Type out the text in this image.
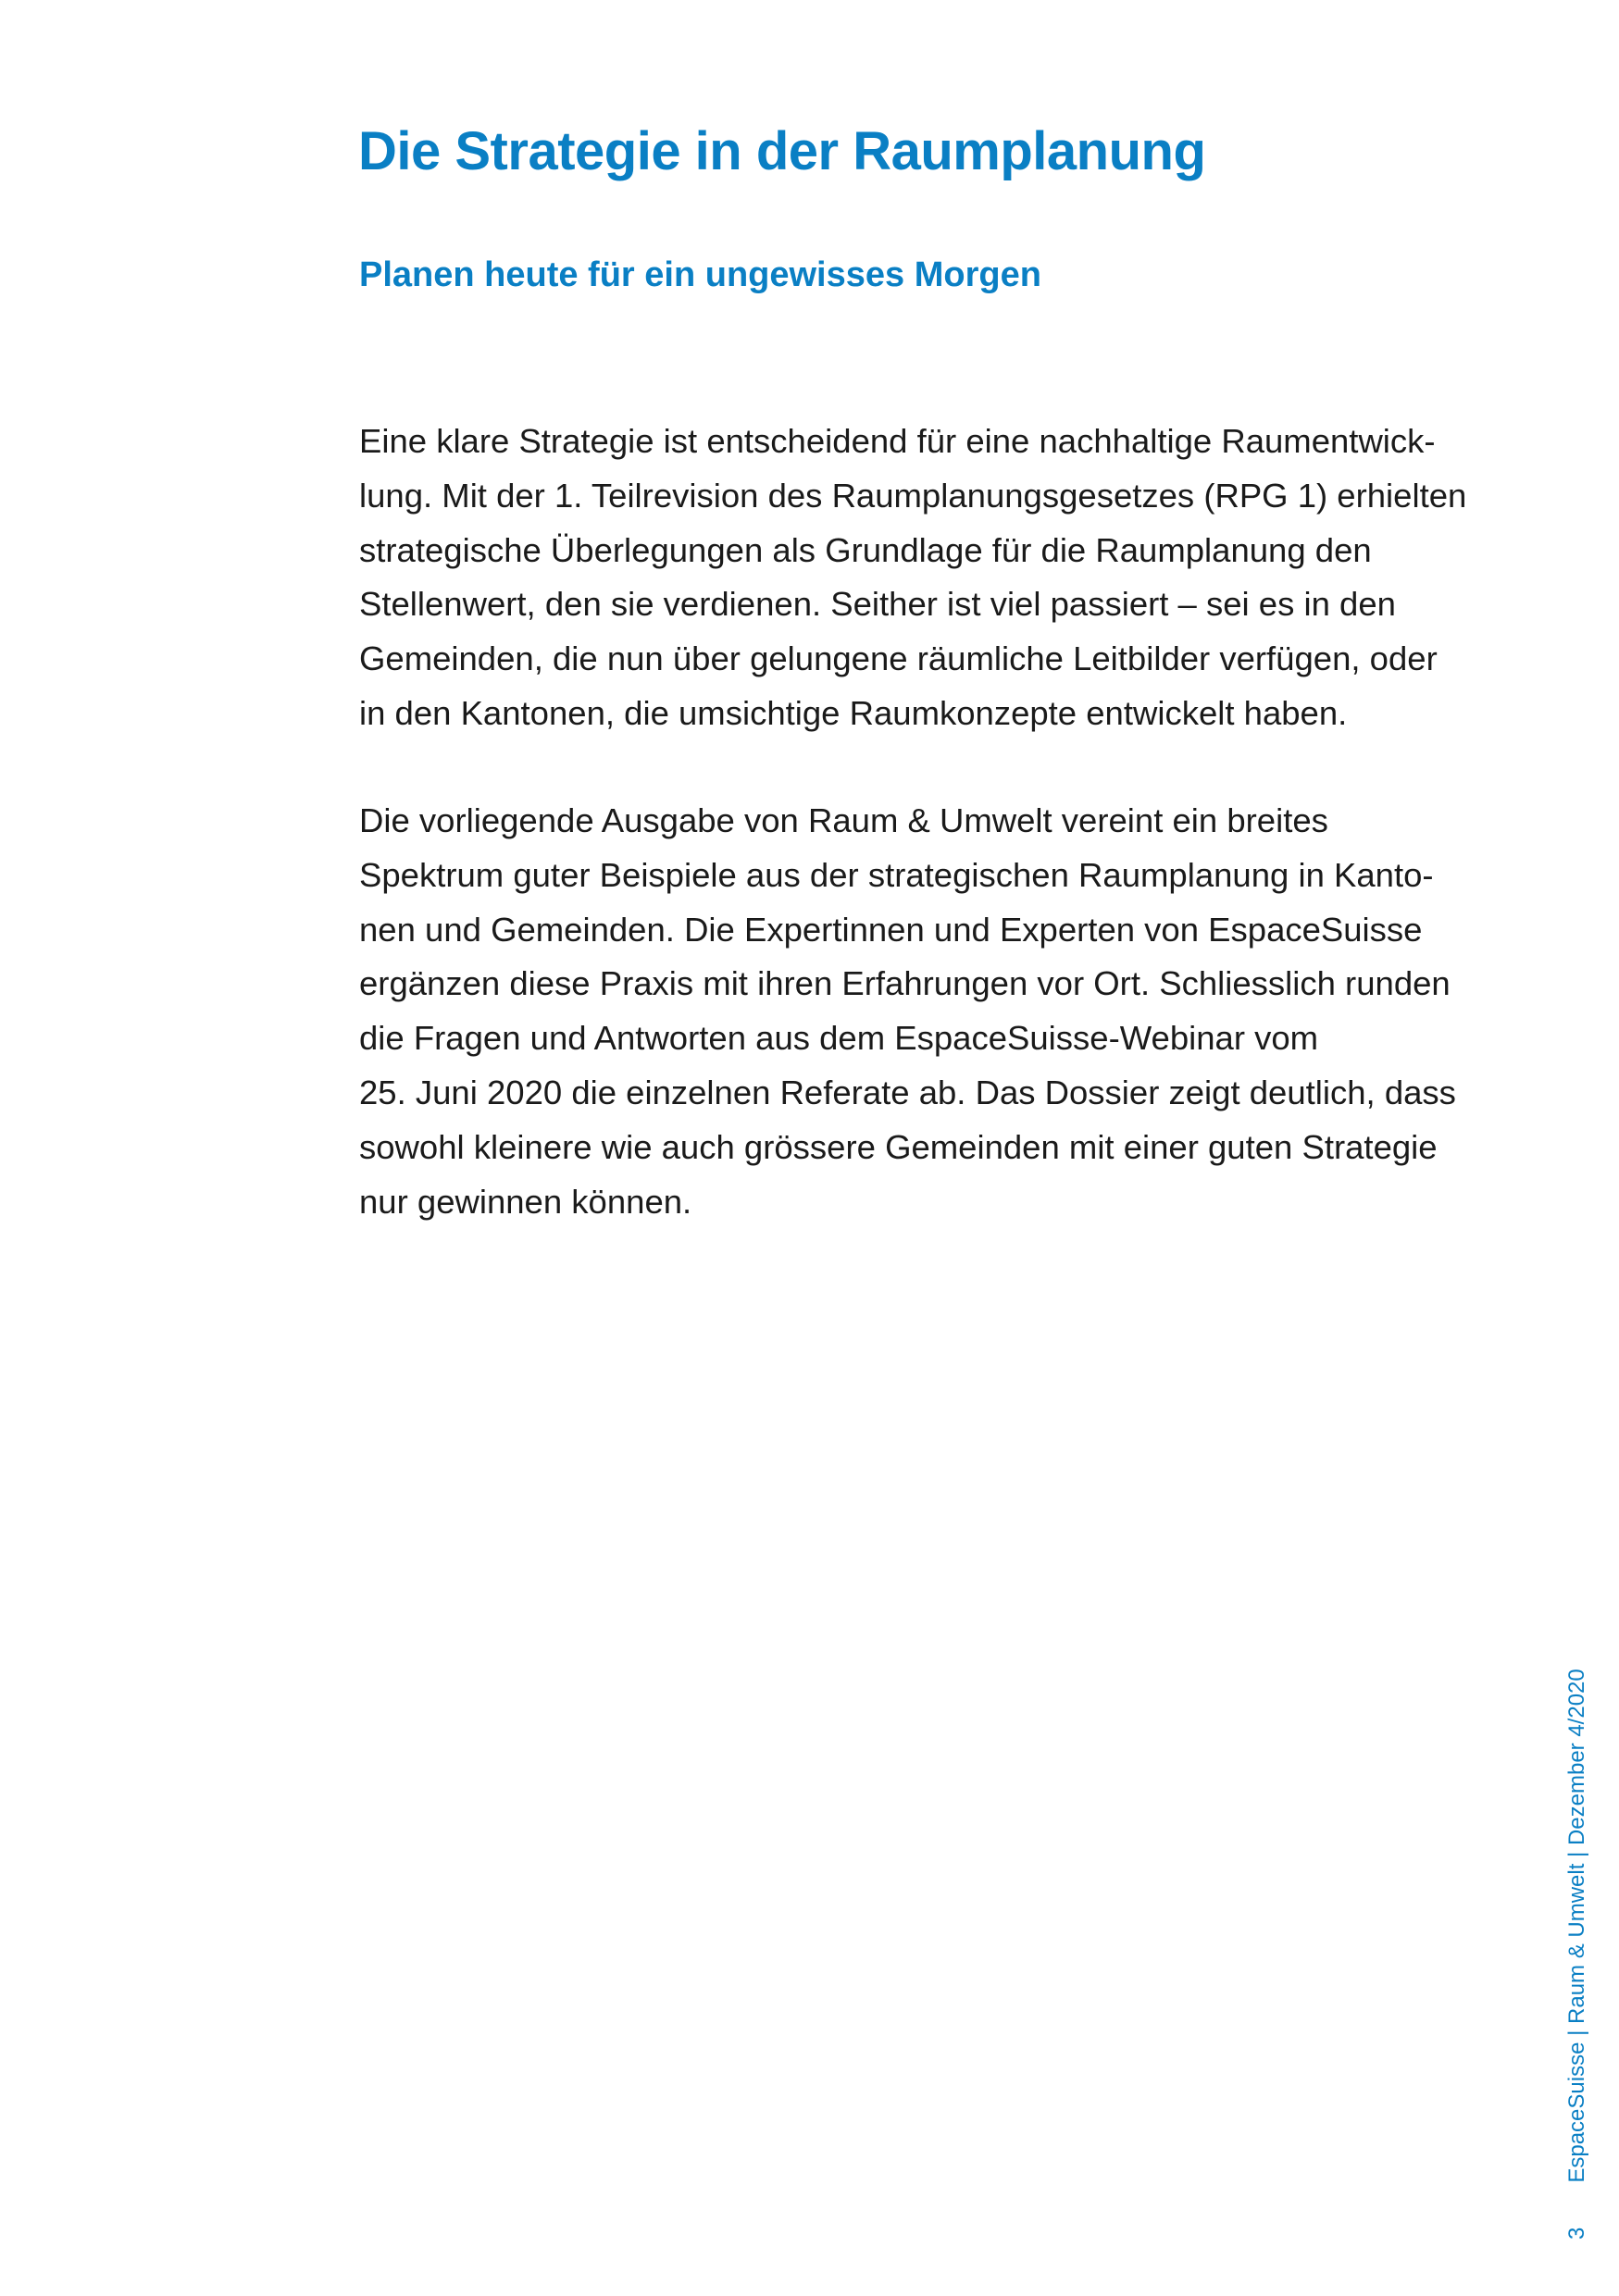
Die Strategie in der Raumplanung
Planen heute für ein ungewisses Morgen

Eine klare Strategie ist entscheidend für eine nachhaltige Raumentwick-
lung. Mit der 1. Teilrevision des Raumplanungsgesetzes (RPG 1) erhielten
strategische Überlegungen als Grundlage für die Raumplanung den
Stellenwert, den sie verdienen. Seither ist viel passiert – sei es in den
Gemeinden, die nun über gelungene räumliche Leitbilder verfügen, oder
in den Kantonen, die umsichtige Raumkonzepte entwickelt haben.

Die vorliegende Ausgabe von Raum & Umwelt vereint ein breites
Spektrum guter Beispiele aus der strategischen Raumplanung in Kanto-
nen und Gemeinden. Die Expertinnen und Experten von EspaceSuisse
ergänzen diese Praxis mit ihren Erfahrungen vor Ort. Schliesslich runden
die Fragen und Antworten aus dem EspaceSuisse-Webinar vom
25. Juni 2020 die einzelnen Referate ab. Das Dossier zeigt deutlich, dass
sowohl kleinere wie auch grössere Gemeinden mit einer guten Strategie
nur gewinnen können.

3EspaceSuisse | Raum & Umwelt | Dezember 4/2020
